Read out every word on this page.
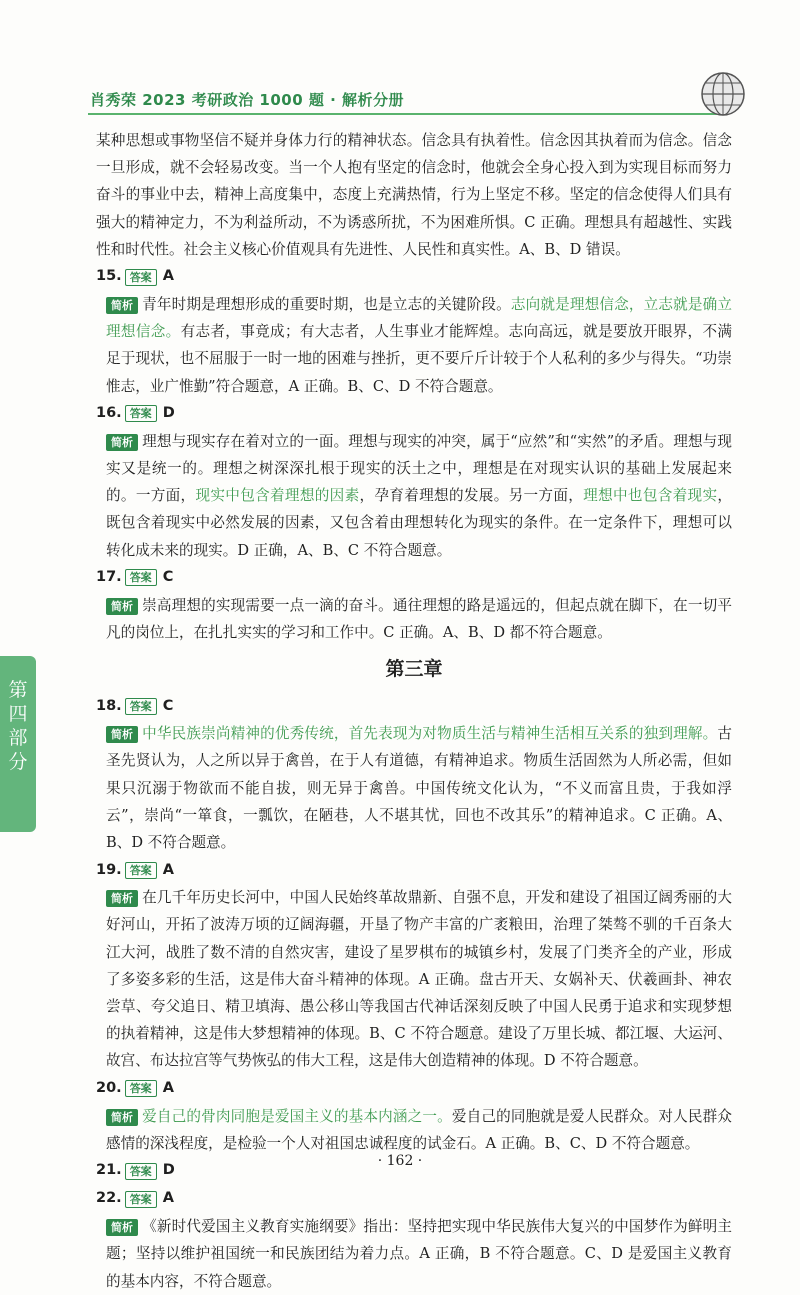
肖秀荣 2023 考研政治 1000 题 · 解析分册
第四部分

某种思想或事物坚信不疑并身体力行的精神状态。信念具有执着性。信念因其执着而为信念。信念一旦形成，就不会轻易改变。当一个人抱有坚定的信念时，他就会全身心投入到为实现目标而努力奋斗的事业中去，精神上高度集中，态度上充满热情，行为上坚定不移。坚定的信念使得人们具有强大的精神定力，不为利益所动，不为诱惑所扰，不为困难所惧。C 正确。理想具有超越性、实践性和时代性。社会主义核心价值观具有先进性、人民性和真实性。A、B、D 错误。

15. 答案 A

简析 青年时期是理想形成的重要时期，也是立志的关键阶段。志向就是理想信念，立志就是确立理想信念。有志者，事竟成；有大志者，人生事业才能辉煌。志向高远，就是要放开眼界，不满足于现状，也不屈服于一时一地的困难与挫折，更不要斤斤计较于个人私利的多少与得失。“功崇惟志，业广惟勤”符合题意，A 正确。B、C、D 不符合题意。

16. 答案 D

简析 理想与现实存在着对立的一面。理想与现实的冲突，属于“应然”和“实然”的矛盾。理想与现实又是统一的。理想之树深深扎根于现实的沃土之中，理想是在对现实认识的基础上发展起来的。一方面，现实中包含着理想的因素，孕育着理想的发展。另一方面，理想中也包含着现实，既包含着现实中必然发展的因素，又包含着由理想转化为现实的条件。在一定条件下，理想可以转化成未来的现实。D 正确，A、B、C 不符合题意。

17. 答案 C

简析 崇高理想的实现需要一点一滴的奋斗。通往理想的路是遥远的，但起点就在脚下，在一切平凡的岗位上，在扎扎实实的学习和工作中。C 正确。A、B、D 都不符合题意。

第三章
18. 答案 C

简析 中华民族崇尚精神的优秀传统，首先表现为对物质生活与精神生活相互关系的独到理解。古圣先贤认为，人之所以异于禽兽，在于人有道德，有精神追求。物质生活固然为人所必需，但如果只沉溺于物欲而不能自拔，则无异于禽兽。中国传统文化认为，“不义而富且贵，于我如浮云”，崇尚“一箪食，一瓢饮，在陋巷，人不堪其忧，回也不改其乐”的精神追求。C 正确。A、B、D 不符合题意。

19. 答案 A

简析 在几千年历史长河中，中国人民始终革故鼎新、自强不息，开发和建设了祖国辽阔秀丽的大好河山，开拓了波涛万顷的辽阔海疆，开垦了物产丰富的广袤粮田，治理了桀骜不驯的千百条大江大河，战胜了数不清的自然灾害，建设了星罗棋布的城镇乡村，发展了门类齐全的产业，形成了多姿多彩的生活，这是伟大奋斗精神的体现。A 正确。盘古开天、女娲补天、伏羲画卦、神农尝草、夸父追日、精卫填海、愚公移山等我国古代神话深刻反映了中国人民勇于追求和实现梦想的执着精神，这是伟大梦想精神的体现。B、C 不符合题意。建设了万里长城、都江堰、大运河、故宫、布达拉宫等气势恢弘的伟大工程，这是伟大创造精神的体现。D 不符合题意。

20. 答案 A

简析 爱自己的骨肉同胞是爱国主义的基本内涵之一。爱自己的同胞就是爱人民群众。对人民群众感情的深浅程度，是检验一个人对祖国忠诚程度的试金石。A 正确。B、C、D 不符合题意。

21. 答案 D
22. 答案 A

简析 《新时代爱国主义教育实施纲要》指出：坚持把实现中华民族伟大复兴的中国梦作为鲜明主题；坚持以维护祖国统一和民族团结为着力点。A 正确，B 不符合题意。C、D 是爱国主义教育的基本内容，不符合题意。

· 162 ·
